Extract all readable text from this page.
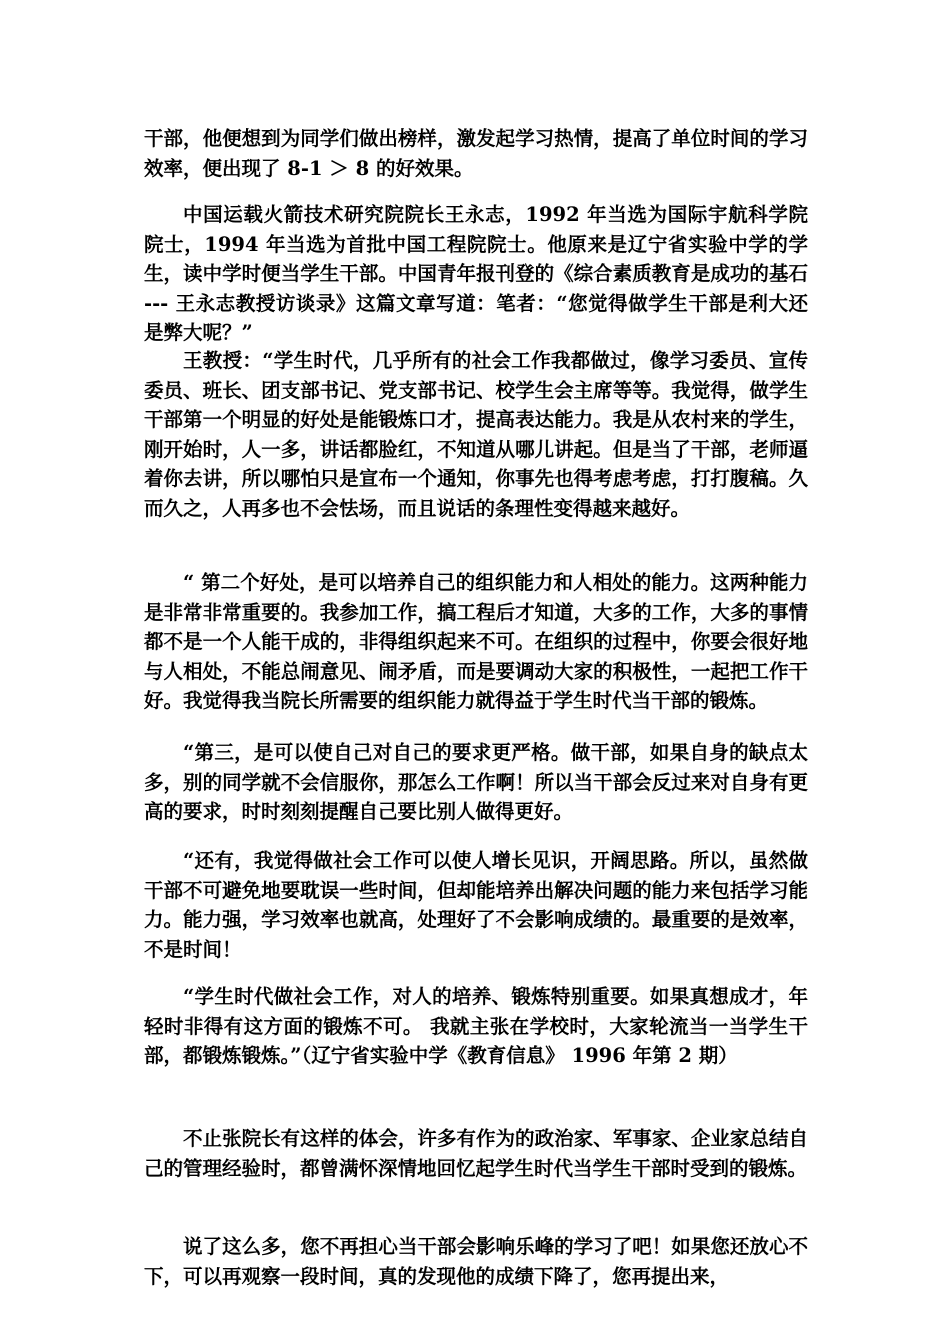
干部，他便想到为同学们做出榜样，激发起学习热情，提高了单位时间的学习效率，便出现了 8-1 ＞ 8 的好效果。

中国运载火箭技术研究院院长王永志，1992 年当选为国际宇航科学院院士，1994 年当选为首批中国工程院院士。他原来是辽宁省实验中学的学生，读中学时便当学生干部。中国青年报刊登的《综合素质教育是成功的基石 --- 王永志教授访谈录》这篇文章写道：笔者：“您觉得做学生干部是利大还是弊大呢？”

王教授：“学生时代，几乎所有的社会工作我都做过，像学习委员、宣传委员、班长、团支部书记、党支部书记、校学生会主席等等。我觉得，做学生干部第一个明显的好处是能锻炼口才，提高表达能力。我是从农村来的学生，刚开始时，人一多，讲话都脸红，不知道从哪儿讲起。但是当了干部，老师逼着你去讲，所以哪怕只是宣布一个通知，你事先也得考虑考虑，打打腹稿。久而久之，人再多也不会怯场，而且说话的条理性变得越来越好。

“ 第二个好处，是可以培养自己的组织能力和人相处的能力。这两种能力是非常非常重要的。我参加工作，搞工程后才知道，大多的工作，大多的事情都不是一个人能干成的，非得组织起来不可。在组织的过程中，你要会很好地与人相处，不能总闹意见、闹矛盾，而是要调动大家的积极性，一起把工作干好。我觉得我当院长所需要的组织能力就得益于学生时代当干部的锻炼。

“第三，是可以使自己对自己的要求更严格。做干部，如果自身的缺点太多，别的同学就不会信服你，那怎么工作啊！所以当干部会反过来对自身有更高的要求，时时刻刻提醒自己要比别人做得更好。

“还有，我觉得做社会工作可以使人增长见识，开阔思路。所以，虽然做干部不可避免地要耽误一些时间，但却能培养出解决问题的能力来包括学习能力。能力强，学习效率也就高，处理好了不会影响成绩的。最重要的是效率，不是时间！

“学生时代做社会工作，对人的培养、锻炼特别重要。如果真想成才，年轻时非得有这方面的锻炼不可。 我就主张在学校时，大家轮流当一当学生干部，都锻炼锻炼。”（辽宁省实验中学《教育信息》 1996 年第 2 期）

不止张院长有这样的体会，许多有作为的政治家、军事家、企业家总结自己的管理经验时，都曾满怀深情地回忆起学生时代当学生干部时受到的锻炼。

说了这么多，您不再担心当干部会影响乐峰的学习了吧！如果您还放心不下，可以再观察一段时间，真的发现他的成绩下降了，您再提出来，
